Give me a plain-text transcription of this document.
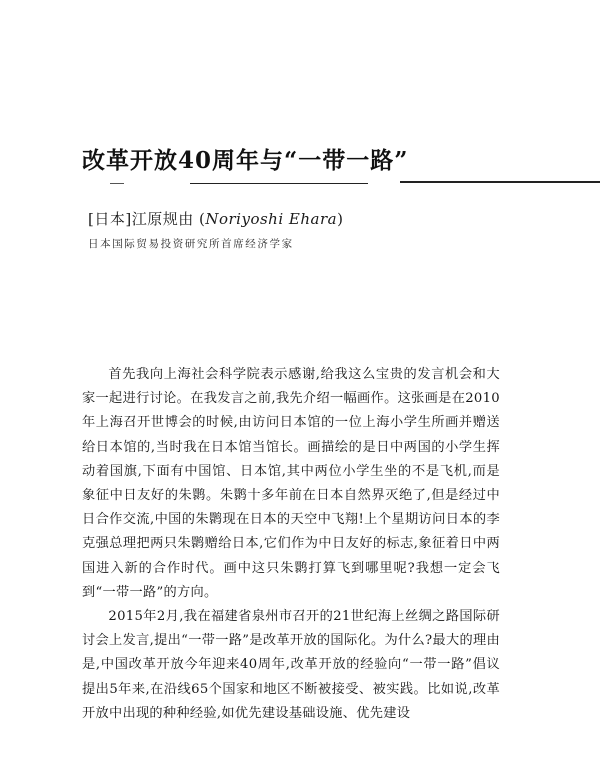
改革开放40周年与“一带一路”
[日本]江原规由 (Noriyoshi Ehara)
日本国际贸易投资研究所首席经济学家

首先我向上海社会科学院表示感谢,给我这么宝贵的发言机会和大家一起进行讨论。在我发言之前,我先介绍一幅画作。这张画是在2010年上海召开世博会的时候,由访问日本馆的一位上海小学生所画并赠送给日本馆的,当时我在日本馆当馆长。画描绘的是日中两国的小学生挥动着国旗,下面有中国馆、日本馆,其中两位小学生坐的不是飞机,而是象征中日友好的朱鹮。朱鹮十多年前在日本自然界灭绝了,但是经过中日合作交流,中国的朱鹮现在日本的天空中飞翔!上个星期访问日本的李克强总理把两只朱鹮赠给日本,它们作为中日友好的标志,象征着日中两国进入新的合作时代。画中这只朱鹮打算飞到哪里呢?我想一定会飞到“一带一路”的方向。

2015年2月,我在福建省泉州市召开的21世纪海上丝绸之路国际研讨会上发言,提出“一带一路”是改革开放的国际化。为什么?最大的理由是,中国改革开放今年迎来40周年,改革开放的经验向“一带一路”倡议提出5年来,在沿线65个国家和地区不断被接受、被实践。比如说,改革开放中出现的种种经验,如优先建设基础设施、优先建设
